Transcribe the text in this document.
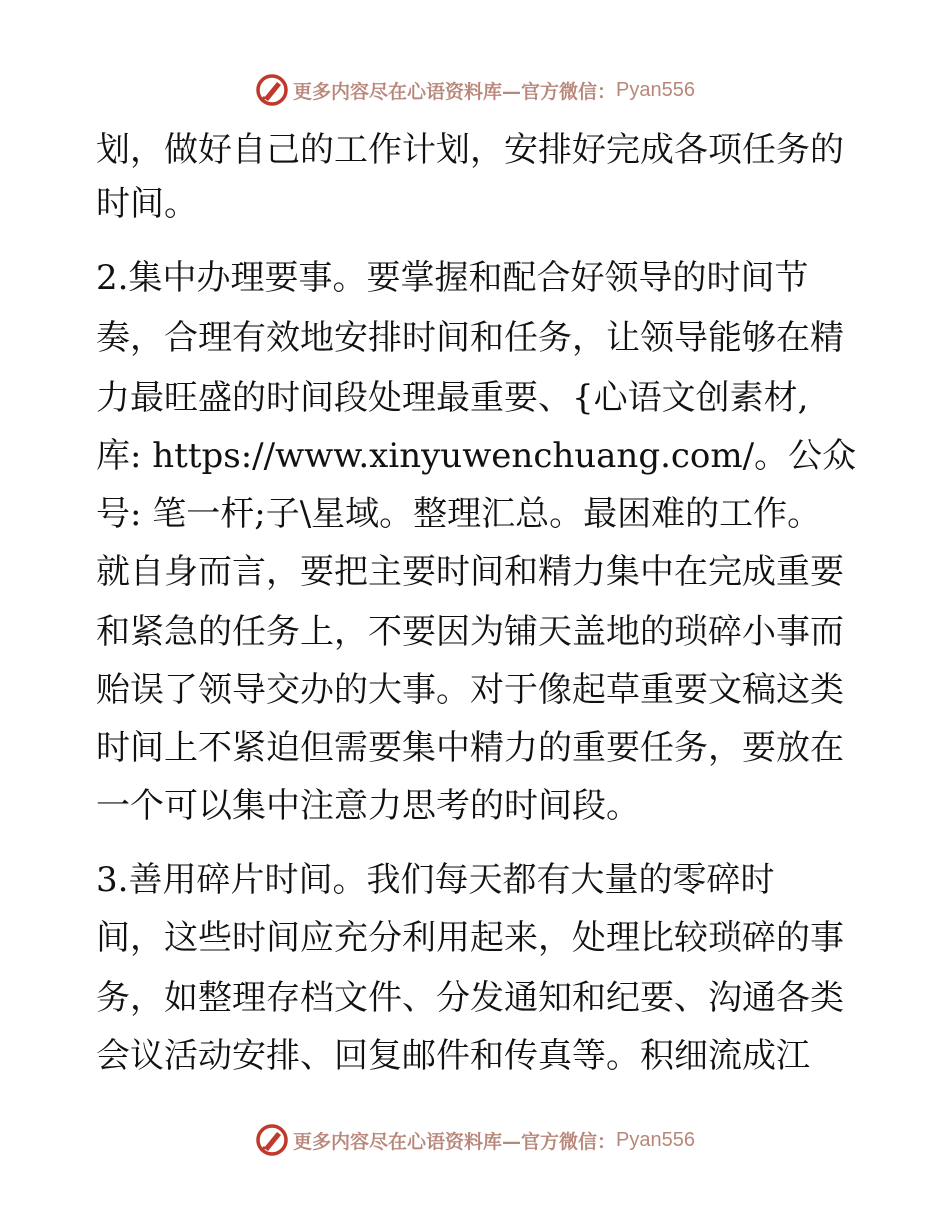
更多内容尽在心语资料库—官方微信： Pyan556
划，做好自己的工作计划，安排好完成各项任务的
时间。
2.集中办理要事。要掌握和配合好领导的时间节
奏，合理有效地安排时间和任务，让领导能够在精
力最旺盛的时间段处理最重要、{心语文创素材,
库: https://www.xinyuwenchuang.com/。公众
号: 笔一杆;子\星域。整理汇总。最困难的工作。
就自身而言，要把主要时间和精力集中在完成重要
和紧急的任务上，不要因为铺天盖地的琐碎小事而
贻误了领导交办的大事。对于像起草重要文稿这类
时间上不紧迫但需要集中精力的重要任务，要放在
一个可以集中注意力思考的时间段。
3.善用碎片时间。我们每天都有大量的零碎时
间，这些时间应充分利用起来，处理比较琐碎的事
务，如整理存档文件、分发通知和纪要、沟通各类
会议活动安排、回复邮件和传真等。积细流成江
更多内容尽在心语资料库—官方微信： Pyan556
